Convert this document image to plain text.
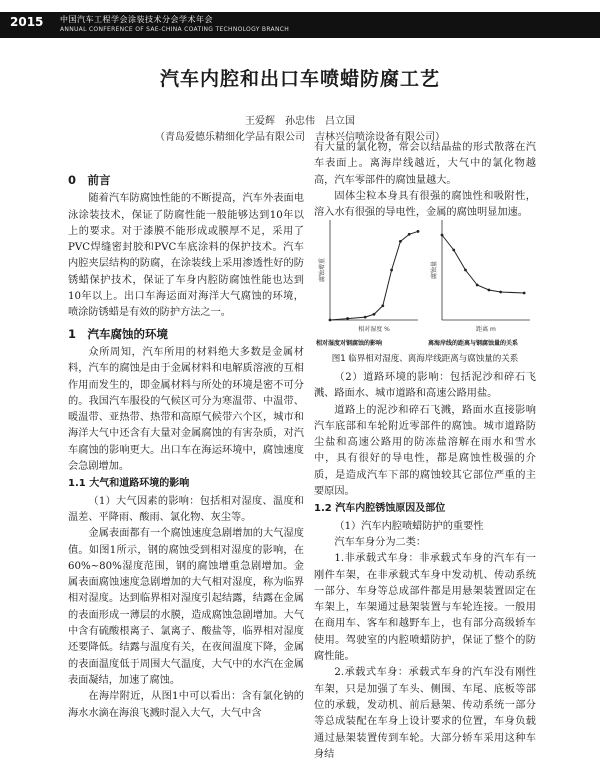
2015 中国汽车工程学会涂装技术分会学术年会
ANNUAL CONFERENCE OF SAE-CHINA COATING TECHNOLOGY BRANCH
汽车内腔和出口车喷蜡防腐工艺
王爱辉　孙忠伟　吕立国
（青岛爱德乐精细化学品有限公司　吉林兴信喷涂设备有限公司）
0　前言

随着汽车防腐蚀性能的不断提高，汽车外表面电泳涂装技术，保证了防腐性能一般能够达到10年以上的要求。对于漆膜不能形成或膜厚不足，采用了PVC焊缝密封胶和PVC车底涂料的保护技术。汽车内腔夹层结构的防腐，在涂装线上采用渗透性好的防锈蜡保护技术，保证了车身内腔防腐蚀性能也达到10年以上。出口车海运面对海洋大气腐蚀的环境，喷涂防锈蜡是有效的防护方法之一。

1　汽车腐蚀的环境

众所周知，汽车所用的材料绝大多数是金属材料，汽车的腐蚀是由于金属材料和电解质溶液的互相作用而发生的，即金属材料与所处的环境是密不可分的。我国汽车服役的气候区可分为寒温带、中温带、暖温带、亚热带、热带和高原气候带六个区，城市和海洋大气中还含有大量对金属腐蚀的有害杂质，对汽车腐蚀的影响更大。出口车在海运环境中，腐蚀速度会急剧增加。

1.1 大气和道路环境的影响

（1）大气因素的影响：包括相对湿度、温度和温差、平降雨、酸雨、氯化物、灰尘等。

金属表面都有一个腐蚀速度急剧增加的大气湿度值。如图1所示，钢的腐蚀受到相对湿度的影响，在60%~80%湿度范围，钢的腐蚀增重急剧增加。金属表面腐蚀速度急剧增加的大气相对湿度，称为临界相对湿度。达到临界相对湿度引起结露，结露在金属的表面形成一薄层的水膜，造成腐蚀急剧增加。大气中含有硫酸根离子、氯离子、酸盐等，临界相对湿度还要降低。结露与温度有关，在夜间温度下降，金属的表面温度低于周围大气温度，大气中的水汽在金属表面凝结，加速了腐蚀。

在海岸附近，从图1中可以看出：含有氯化钠的海水水滴在海浪飞溅时混入大气，大气中含

有大量的氯化物，常会以结晶盐的形式散落在汽车表面上。离海岸线越近，大气中的氯化物越高，汽车零部件的腐蚀量越大。

固体尘粒本身具有很强的腐蚀性和吸附性，溶入水有很强的导电性，金属的腐蚀明显加速。

相对湿度 %
腐蚀增重
距离 m
腐蚀量
相对湿度对钢腐蚀的影响	离海岸线的距离与钢腐蚀量的关系
图1 临界相对湿度、离海岸线距离与腐蚀量的关系

（2）道路环境的影响：包括泥沙和碎石飞溅、路面水、城市道路和高速公路用盐。

道路上的泥沙和碎石飞溅，路面水直接影响汽车底部和车轮附近零部件的腐蚀。城市道路防尘盐和高速公路用的防冻盐溶解在雨水和雪水中，具有很好的导电性，都是腐蚀性极强的介质，是造成汽车下部的腐蚀较其它部位严重的主要原因。

1.2 汽车内腔锈蚀原因及部位

（1）汽车内腔喷蜡防护的重要性

汽车车身分为二类：

1.非承载式车身：非承载式车身的汽车有一刚件车架，在非承载式车身中发动机、传动系统一部分、车身等总成部件都是用悬架装置固定在车架上，车架通过悬架装置与车轮连接。一般用在商用车、客车和越野车上，也有部分高级轿车使用。驾驶室的内腔喷蜡防护，保证了整个的防腐性能。

2.承载式车身：承载式车身的汽车没有刚性车架，只是加强了车头、侧围、车尾、底板等部位的承载，发动机、前后悬架、传动系统一部分等总成装配在车身上设计要求的位置，车身负载通过悬架装置传到车轮。大部分轿车采用这种车身结
